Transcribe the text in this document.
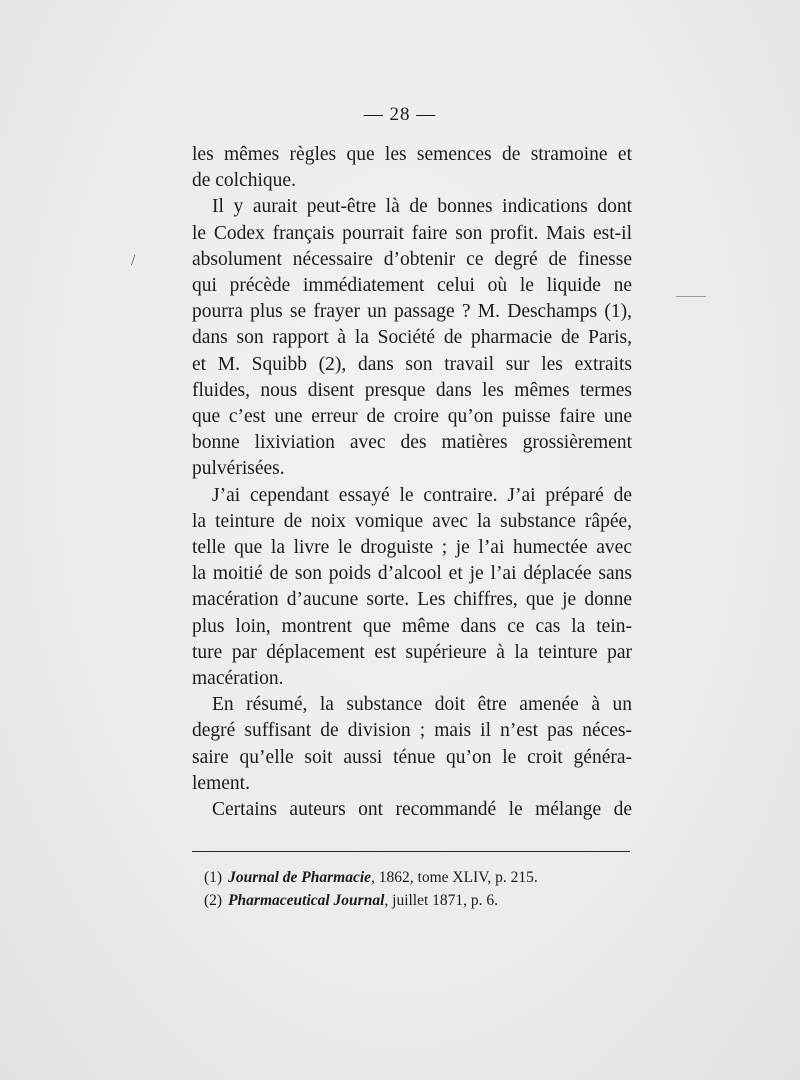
— 28 —
/
les mêmes règles que les semences de stramoine et
de colchique.
Il y aurait peut-être là de bonnes indications dont
le Codex français pourrait faire son profit. Mais est-il
absolument nécessaire d’obtenir ce degré de finesse
qui précède immédiatement celui où le liquide ne
pourra plus se frayer un passage ? M. Deschamps (1),
dans son rapport à la Société de pharmacie de Paris,
et M. Squibb (2), dans son travail sur les extraits
fluides, nous disent presque dans les mêmes termes
que c’est une erreur de croire qu’on puisse faire une
bonne lixiviation avec des matières grossièrement
pulvérisées.
J’ai cependant essayé le contraire. J’ai préparé de
la teinture de noix vomique avec la substance râpée,
telle que la livre le droguiste ; je l’ai humectée avec
la moitié de son poids d’alcool et je l’ai déplacée sans
macération d’aucune sorte. Les chiffres, que je donne
plus loin, montrent que même dans ce cas la tein-
ture par déplacement est supérieure à la teinture par
macération.
En résumé, la substance doit être amenée à un
degré suffisant de division ; mais il n’est pas néces-
saire qu’elle soit aussi ténue qu’on le croit généra-
lement.
Certains auteurs ont recommandé le mélange de
(1) Journal de Pharmacie, 1862, tome XLIV, p. 215.
(2) Pharmaceutical Journal, juillet 1871, p. 6.
